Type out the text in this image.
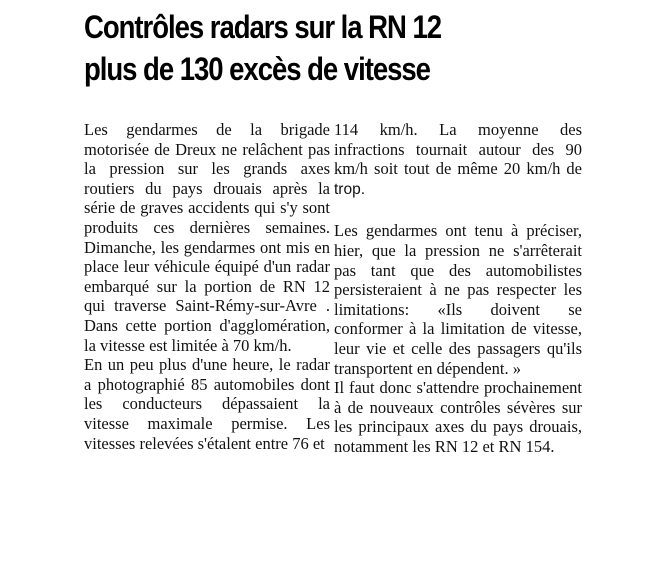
Contrôles radars sur la RN 12
plus de 130 excès de vitesse

Les gendarmes de la brigade motorisée de Dreux ne relâchent pas la pression sur les grands axes routiers du pays drouais après la série de graves accidents qui s'y sont produits ces dernières semaines. Dimanche, les gendarmes ont mis en place leur véhicule équipé d'un radar embarqué sur la portion de RN 12 qui traverse Saint-Rémy-sur-Avre . Dans cette portion d'agglomération, la vitesse est limitée à 70 km/h.

En un peu plus d'une heure, le radar a photographié 85 automobiles dont les conducteurs dépassaient la vitesse maximale permise. Les vitesses relevées s'étalent entre 76 et

114 km/h. La moyenne des infractions tournait autour des 90 km/h soit tout de même 20 km/h de trop.

Les gendarmes ont tenu à préciser, hier, que la pression ne s'arrêterait pas tant que des automobilistes persisteraient à ne pas respecter les limitations: «Ils doivent se conformer à la limitation de vitesse, leur vie et celle des passagers qu'ils transportent en dépendent. »

Il faut donc s'attendre prochainement à de nouveaux contrôles sévères sur les principaux axes du pays drouais, notamment les RN 12 et RN 154.
